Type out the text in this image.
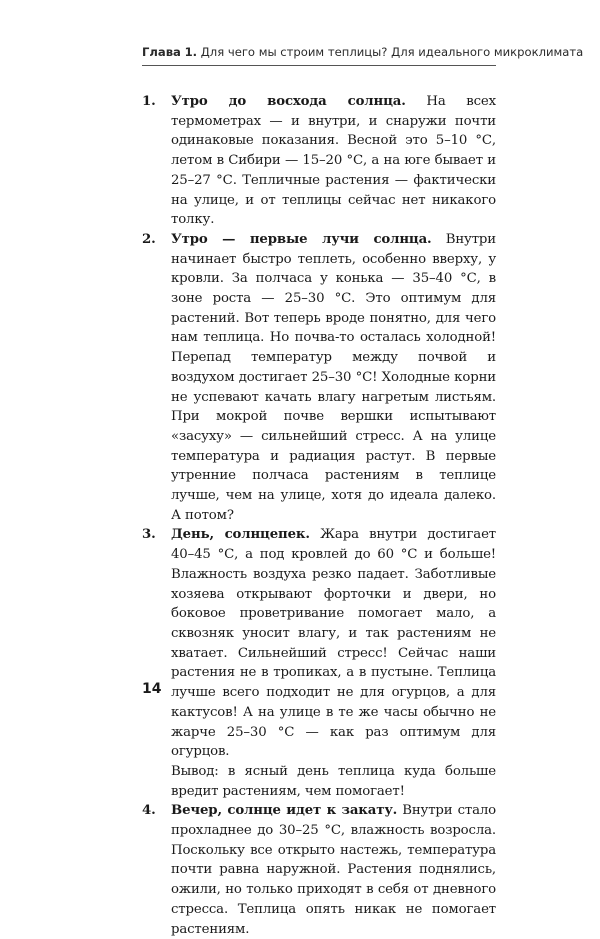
Глава 1. Для чего мы строим теплицы? Для идеального микроклимата
1.	Утро до восхода солнца. На всех термометрах — и внутри, и снаружи почти одинаковые показания. Весной это 5–10 °С, летом в Сибири — 15–20 °С, а на юге бывает и 25–27 °С. Тепличные растения — фактически на улице, и от теплицы сейчас нет никакого толку.

2.	Утро — первые лучи солнца. Внутри начинает быстро теплеть, особенно вверху, у кровли. За полчаса у конька — 35–40 °С, в зоне роста — 25–30 °С. Это оптимум для растений. Вот теперь вроде понятно, для чего нам теплица. Но почва-то осталась холодной! Перепад температур между почвой и воздухом достигает 25–30 °С! Холодные корни не успевают качать влагу нагретым листьям. При мокрой почве вершки испытывают «засуху» — сильнейший стресс. А на улице температура и радиация растут. В первые утренние полчаса растениям в теплице лучше, чем на улице, хотя до идеала далеко. А потом?

3.	День, солнцепек. Жара внутри достигает 40–45 °С, а под кровлей до 60 °С и больше! Влажность воздуха резко падает. Заботливые хозяева открывают форточки и двери, но боковое проветривание помогает мало, а сквозняк уносит влагу, и так растениям не хватает. Сильнейший стресс! Сейчас наши растения не в тропиках, а в пустыне. Теплица лучше всего подходит не для огурцов, а для кактусов! А на улице в те же часы обычно не жарче 25–30 °С — как раз оптимум для огурцов.

Вывод: в ясный день теплица куда больше вредит растениям, чем помогает!

4.	Вечер, солнце идет к закату. Внутри стало прохладнее до 30–25 °С, влажность возросла. Поскольку все открыто настежь, температура почти равна наружной. Растения поднялись, ожили, но только приходят в себя от дневного стресса. Теплица опять никак не помогает растениям.

14
